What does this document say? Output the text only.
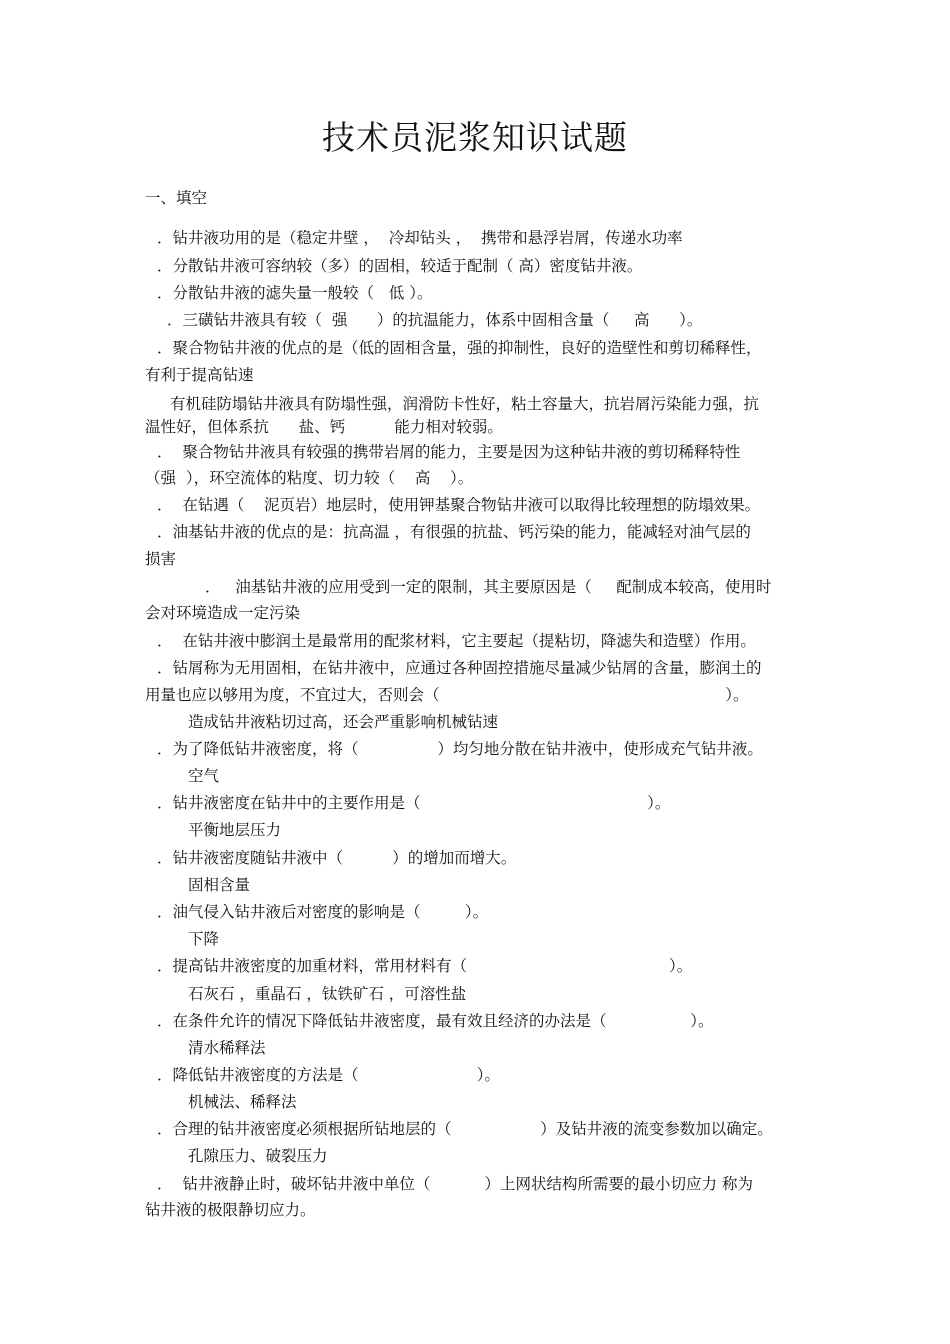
技术员泥浆知识试题
一、填空
．钻井液功用的是（稳定井壁 ，  冷却钻头 ，  携带和悬浮岩屑，传递水功率
．分散钻井液可容纳较（多）的固相，较适于配制（ 高）密度钻井液。
．分散钻井液的滤失量一般较（   低 ）。
．三磺钻井液具有较（  强      ）的抗温能力，体系中固相含量（     高      ）。
．聚合物钻井液的优点的是（低的固相含量，强的抑制性，良好的造壁性和剪切稀释性，
有利于提高钻速
有机硅防塌钻井液具有防塌性强，润滑防卡性好，粘土容量大，抗岩屑污染能力强，抗
温性好，但体系抗      盐、钙          能力相对较弱。
．  聚合物钻井液具有较强的携带岩屑的能力，主要是因为这种钻井液的剪切稀释特性
（强  ），环空流体的粘度、切力较（    高    ）。
．  在钻遇（    泥页岩）地层时，使用钾基聚合物钻井液可以取得比较理想的防塌效果。
．油基钻井液的优点的是：抗高温 ，有很强的抗盐、钙污染的能力，能减轻对油气层的
损害
．   油基钻井液的应用受到一定的限制，其主要原因是（     配制成本较高，使用时
会对环境造成一定污染
．  在钻井液中膨润土是最常用的配浆材料，它主要起（提粘切，降滤失和造壁）作用。
．钻屑称为无用固相，在钻井液中，应通过各种固控措施尽量减少钻屑的含量，膨润土的
用量也应以够用为度，不宜过大，否则会（                                                          ）。
造成钻井液粘切过高，还会严重影响机械钻速
．为了降低钻井液密度，将（                ）均匀地分散在钻井液中，使形成充气钻井液。
空气
．钻井液密度在钻井中的主要作用是（                                              ）。
平衡地层压力
．钻井液密度随钻井液中（          ）的增加而增大。
固相含量
．油气侵入钻井液后对密度的影响是（         ）。
下降
．提高钻井液密度的加重材料，常用材料有（                                         ）。
石灰石 ，重晶石 ，钛铁矿石 ，可溶性盐
．在条件允许的情况下降低钻井液密度，最有效且经济的办法是（                 ）。
清水稀释法
．降低钻井液密度的方法是（                        ）。
机械法、稀释法
．合理的钻井液密度必须根据所钻地层的（                  ）及钻井液的流变参数加以确定。
孔隙压力、破裂压力
．  钻井液静止时，破坏钻井液中单位（           ）上网状结构所需要的最小切应力 称为
钻井液的极限静切应力。
